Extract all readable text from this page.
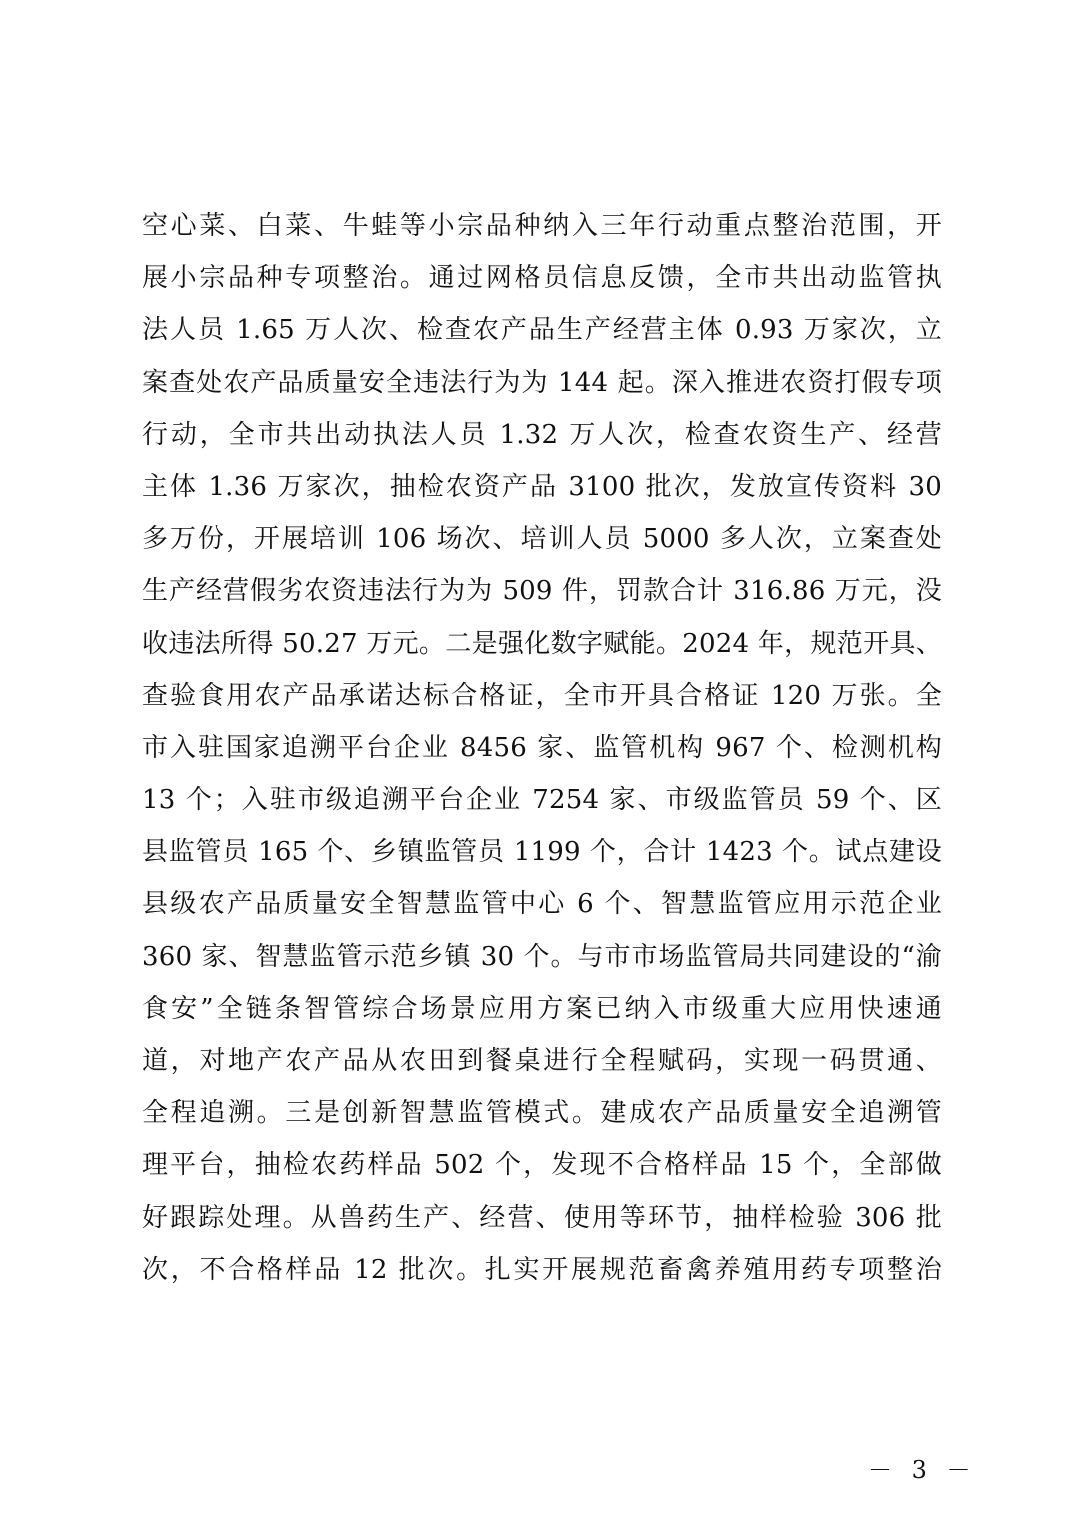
空心菜、白菜、牛蛙等小宗品种纳入三年行动重点整治范围，开
展小宗品种专项整治。通过网格员信息反馈，全市共出动监管执
法人员 1.65 万人次、检查农产品生产经营主体 0.93 万家次，立
案查处农产品质量安全违法行为为 144 起。深入推进农资打假专项
行动，全市共出动执法人员 1.32 万人次，检查农资生产、经营
主体 1.36 万家次，抽检农资产品 3100 批次，发放宣传资料 30
多万份，开展培训 106 场次、培训人员 5000 多人次，立案查处
生产经营假劣农资违法行为为 509 件，罚款合计 316.86 万元，没
收违法所得 50.27 万元。二是强化数字赋能。2024 年，规范开具、
查验食用农产品承诺达标合格证，全市开具合格证 120 万张。全
市入驻国家追溯平台企业 8456 家、监管机构 967 个、检测机构
13 个；入驻市级追溯平台企业 7254 家、市级监管员 59 个、区
县监管员 165 个、乡镇监管员 1199 个，合计 1423 个。试点建设
县级农产品质量安全智慧监管中心 6 个、智慧监管应用示范企业
360 家、智慧监管示范乡镇 30 个。与市市场监管局共同建设的“渝
食安”全链条智管综合场景应用方案已纳入市级重大应用快速通
道，对地产农产品从农田到餐桌进行全程赋码，实现一码贯通、
全程追溯。三是创新智慧监管模式。建成农产品质量安全追溯管
理平台，抽检农药样品 502 个，发现不合格样品 15 个，全部做
好跟踪处理。从兽药生产、经营、使用等环节，抽样检验 306 批
次，不合格样品 12 批次。扎实开展规范畜禽养殖用药专项整治
－ 3 －
